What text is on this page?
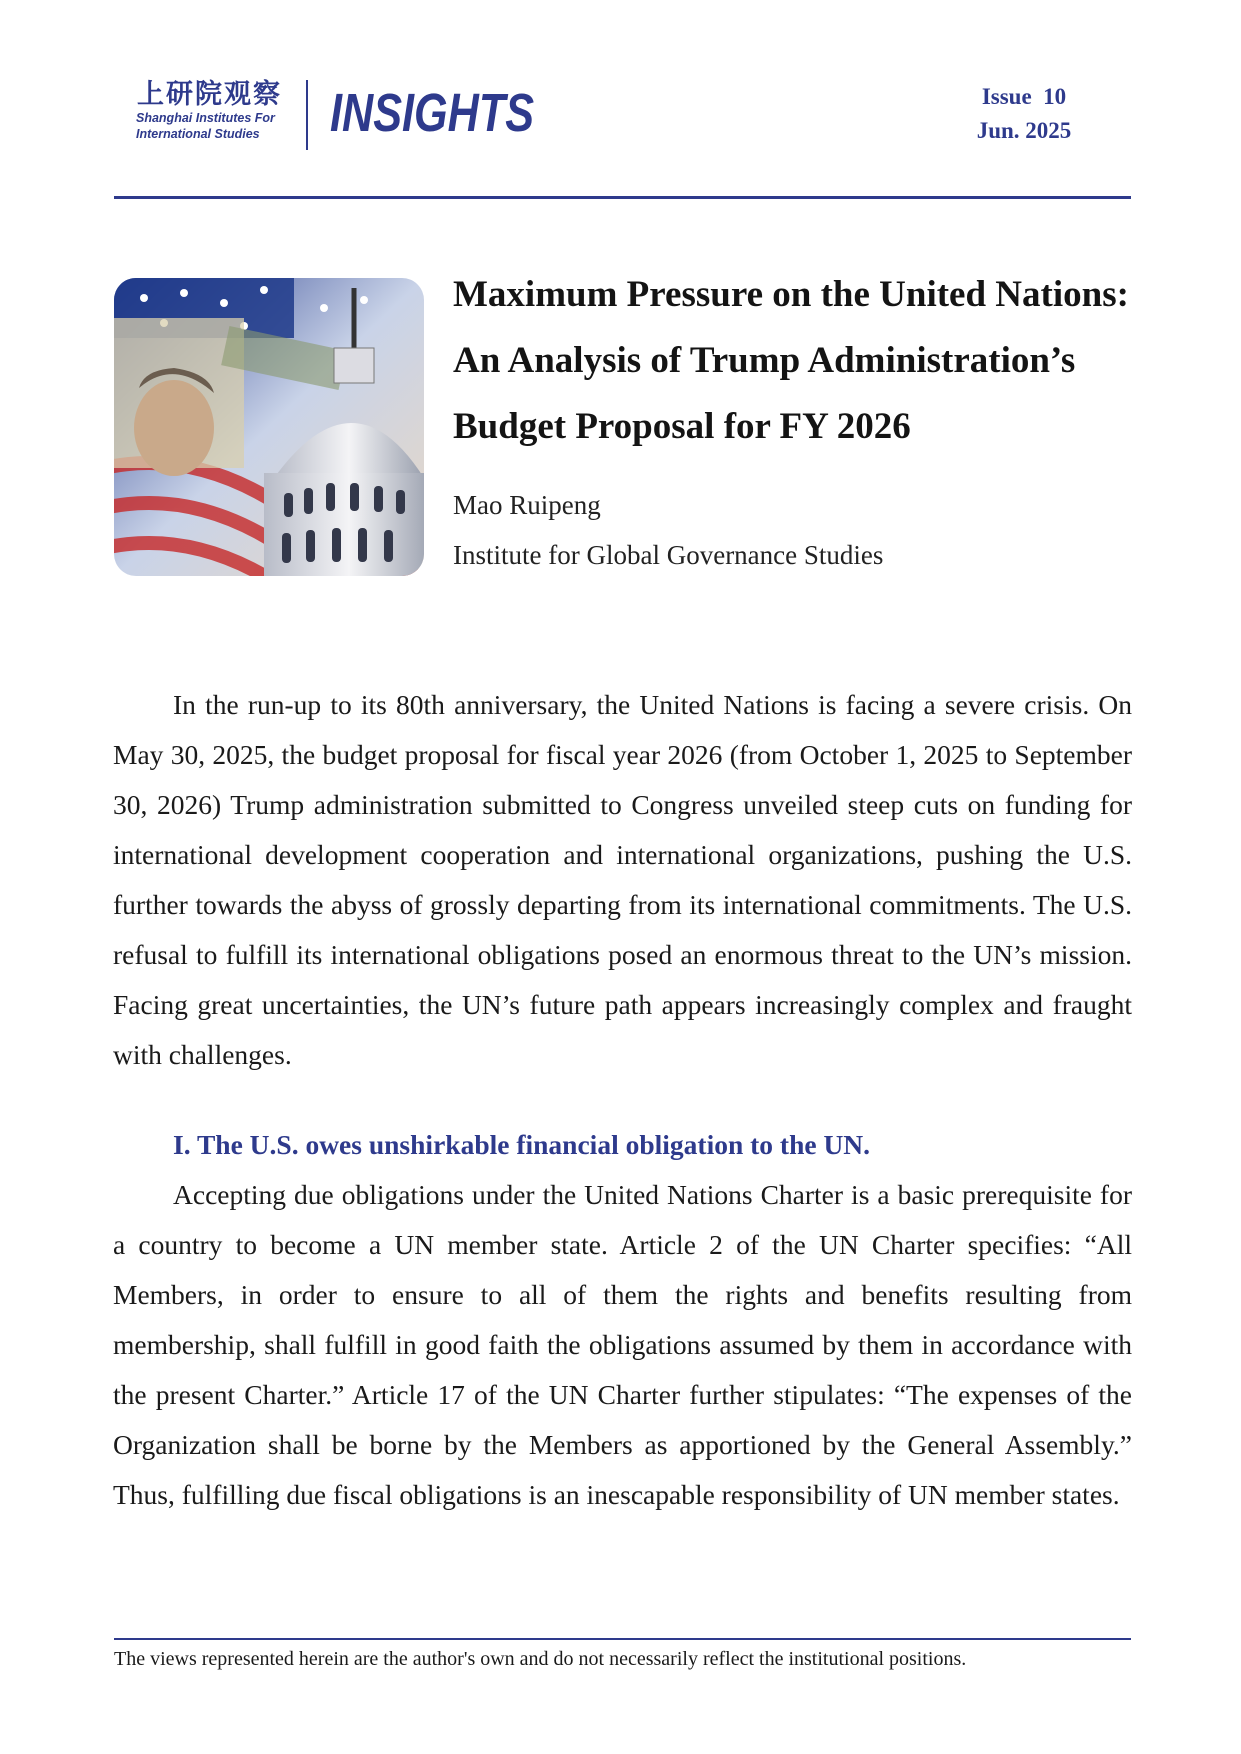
上研院观察
Shanghai Institutes For
International Studies INSIGHTS	Issue  10
Jun. 2025
Maximum Pressure on the United Nations: An Analysis of Trump Administration’s Budget Proposal for FY 2026
Mao Ruipeng
Institute for Global Governance Studies

In the run-up to its 80th anniversary, the United Nations is facing a severe crisis. On May 30, 2025, the budget proposal for fiscal year 2026 (from October 1, 2025 to September 30, 2026) Trump administration submitted to Congress unveiled steep cuts on funding for international development cooperation and international organizations, pushing the U.S. further towards the abyss of grossly departing from its international commitments. The U.S. refusal to fulfill its international obligations posed an enormous threat to the UN’s mission. Facing great uncertainties, the UN’s future path appears increasingly complex and fraught with challenges.

I. The U.S. owes unshirkable financial obligation to the UN.

Accepting due obligations under the United Nations Charter is a basic prerequisite for a country to become a UN member state. Article 2 of the UN Charter specifies: “All Members, in order to ensure to all of them the rights and benefits resulting from membership, shall fulfill in good faith the obligations assumed by them in accordance with the present Charter.” Article 17 of the UN Charter further stipulates: “The expenses of the Organization shall be borne by the Members as apportioned by the General Assembly.” Thus, fulfilling due fiscal obligations is an inescapable responsibility of UN member states.

The views represented herein are the author's own and do not necessarily reflect the institutional positions.
